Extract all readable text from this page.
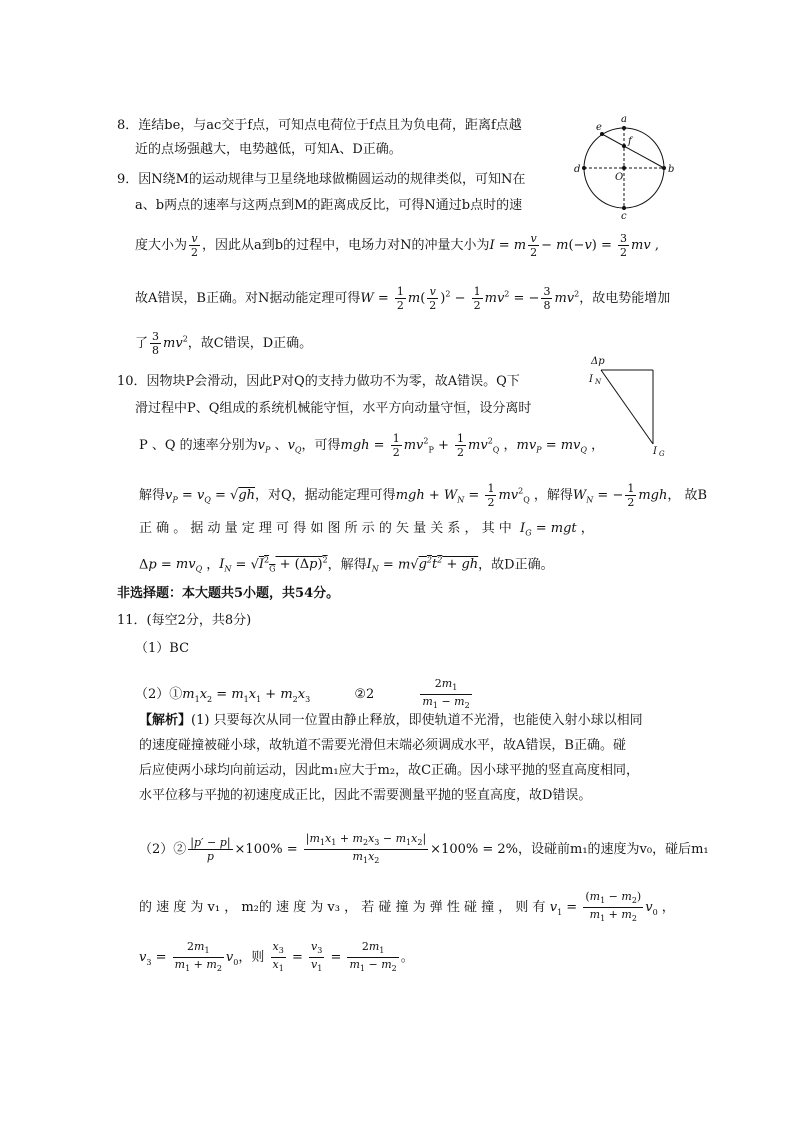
8．连结be，与ac交于f点，可知点电荷位于f点且为负电荷，距离f点越
近的点场强越大，电势越低，可知A、D正确。
a
b
c
d
e
f
O
9．因N绕M的运动规律与卫星绕地球做椭圆运动的规律类似，可知N在
a、b两点的速率与这两点到M的距离成反比，可得N通过b点时的速
度大小为 $\frac{v}{2}$ ，因此从a到b的过程中，电场力对N的冲量大小为I = m $\frac{v}{2} - m(-v) = \frac{3}{2}$ mv ,
故A错误，B正确。对N据动能定理可得$W = \frac{1}{2} m( \frac{v}{2} )^2 - \frac{1}{2} mv^2$ = − $\frac{3}{8} mv^2$，故电势能增加
了 $\frac{3}{8} mv^2$，故C错误，D正确。
10．因物块P会滑动，因此P对Q的支持力做功不为零，故A错误。Q下
滑过程中P、Q组成的系统机械能守恒，水平方向动量守恒，设分离时
P 、Q 的速率分别为$v_P$ 、$v_Q$，可得mgh = $\frac{1}{2} mv^2_P + \frac{1}{2} mv^2_Q$ ，$mv_P = mv_Q$ ，
解得$v_P = v_Q = √gh$，对Q，据动能定理可得mgh + $W_N = \frac{1}{2} mv^2_Q$ ，解得$W_N$ = − $\frac{1}{2}$ mgh， 故B
正 确 。 据 动 量 定 理 可 得 如 图 所 示 的 矢 量 关 系 ， 其 中 $I_G$ = mgt ，
$\Delta p = mv_Q$ ，$I_N = √I^2_G + (\Delta p)^2$，解得$I_N = m√g^2t^2$ + gh，故D正确。
Δp
I N
I G
非选择题：本大题共5小题，共54分。
11．(每空2分，共8分)
（1）BC
$(2)①m_1x_2 = m_1x_1 + m_2x_3$	②2	$\frac{2m_1}{m_1 - m_2}$
【解析】(1) 只要每次从同一位置由静止释放，即使轨道不光滑，也能使入射小球以相同
的速度碰撞被碰小球，故轨道不需要光滑但末端必须调成水平，故A错误，B正确。碰
后应使两小球均向前运动，因此m₁应大于m₂，故C正确。因小球平抛的竖直高度相同，
水平位移与平抛的初速度成正比，因此不需要测量平抛的竖直高度，故D错误。
（2）② $\frac{|p' - p|}{p} \times 100\% = \frac{|m_1x_1 + m_2x_3 - m_1x_2|}{m_1x_2} \times 100\% = 2\%$，设碰前m₁的速度为v₀，碰后m₁
的 速 度 为 v₁ ， m₂的 速 度 为 v₃ ， 若 碰 撞 为 弹 性 碰 撞 ， 则 有 $v_1 = \frac{(m_1 - m_2)}{m_1 + m_2} v_0$ ，
$v_3 = \frac{2m_1}{m_1 + m_2} v_0$，则 $\frac{x_3}{x_1} = \frac{v_3}{v_1} = \frac{2m_1}{m_1 - m_2}$ 。
